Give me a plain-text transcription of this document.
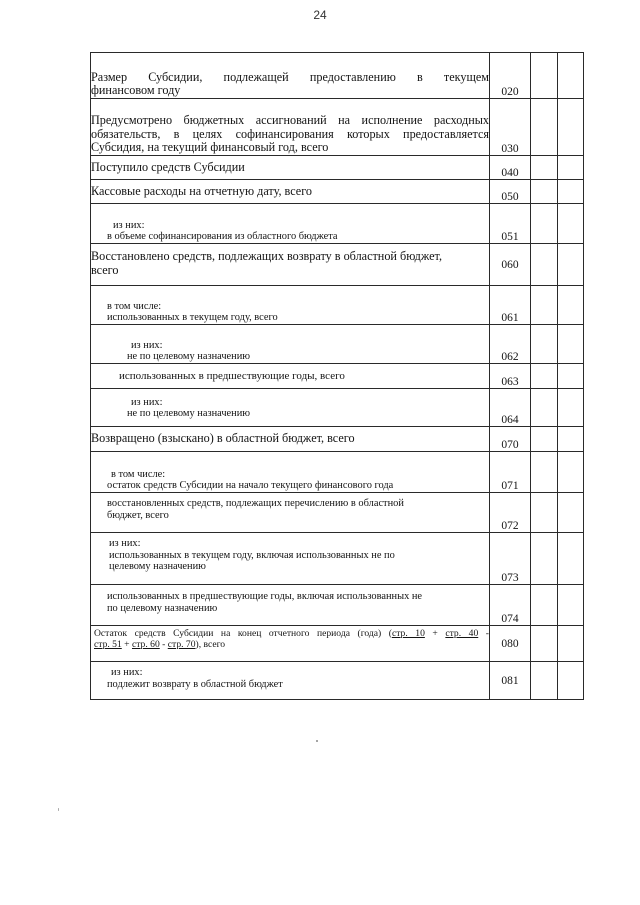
24
Размер Субсидии, подлежащей предоставлению в текущем
финансовом году	020		

Предусмотрено бюджетных ассигнований на исполнение расходных
обязательств, в целях софинансирования которых предоставляется
Субсидия, на текущий финансовый год, всего	030		

Поступило средств Субсидии	040		

Кассовые расходы на отчетную дату, всего	050		

из них:
в объеме софинансирования из областного бюджета	051		

Восстановлено средств, подлежащих возврату в областной бюджет,
всего	060		

в том числе:
использованных в текущем году, всего	061		

из них:
не по целевому назначению	062		

использованных в предшествующие годы, всего	063		

из них:
не по целевому назначению	064		

Возвращено (взыскано) в областной бюджет, всего	070		

в том числе:
остаток средств Субсидии на начало текущего финансового года	071		

восстановленных средств, подлежащих перечислению в областной
бюджет, всего	072		

из них:
использованных в текущем году, включая использованных не по
целевому назначению	073		

использованных в предшествующие годы, включая использованных не
по целевому назначению	074		

Остаток средств Субсидии на конец отчетного периода (года) (стр. 10 + стр. 40 -
стр. 51 + стр. 60 - стр. 70), всего	080		

из них:
подлежит возврату в областной бюджет	081		
